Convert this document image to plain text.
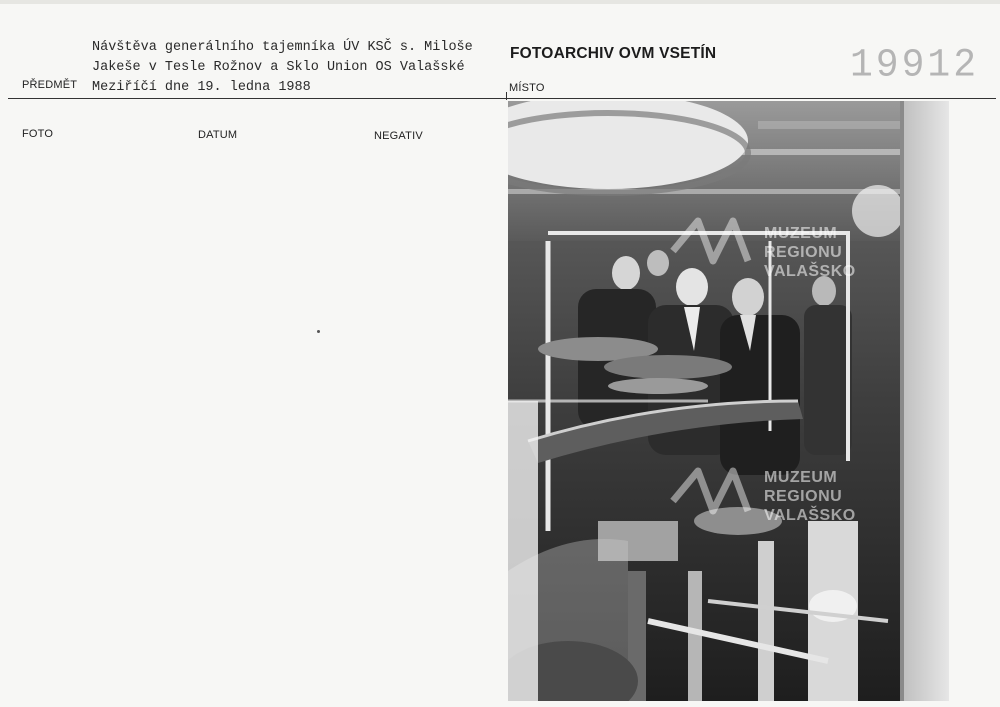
PŘEDMĚT
Návštěva generálního tajemníka ÚV KSČ s. Miloše
Jakeše v Tesle Rožnov a Sklo Union OS Valašské
Meziříčí dne 19. ledna 1988
FOTOARCHIV OVM VSETÍN
MÍSTO	19912
FOTO	DATUM	NEGATIV
MUZEUM
REGIONU
VALAŠSKO
MUZEUM
REGIONU
VALAŠSKO
